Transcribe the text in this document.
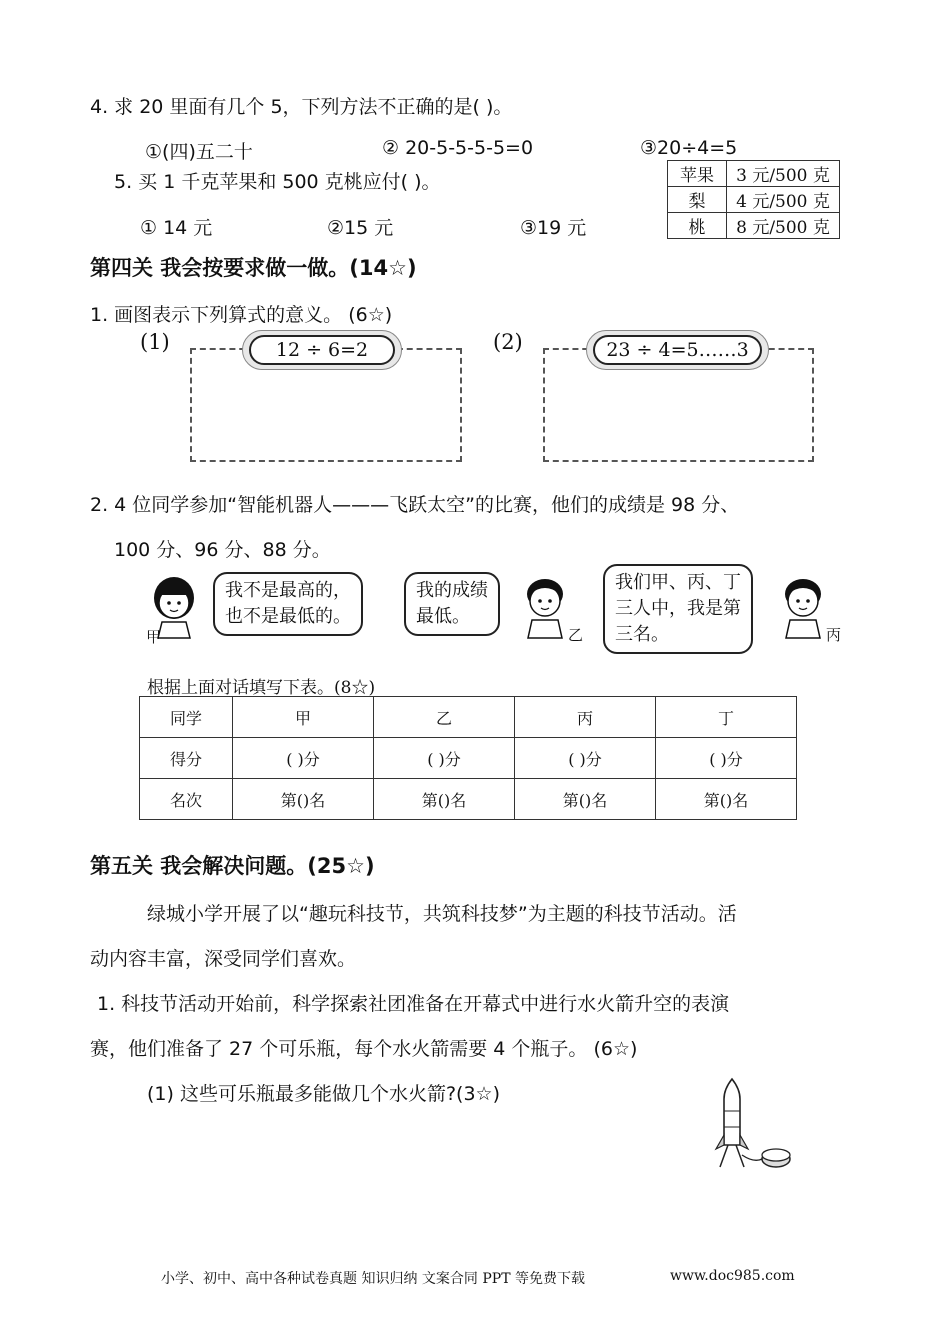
4. 求 20 里面有几个 5，下列方法不正确的是( )。
①(四)五二十	② 20-5-5-5-5=0	③20÷4=5
5. 买 1 千克苹果和 500 克桃应付( )。
① 14 元	②15 元	③19 元
苹果	3 元/500 克
梨	4 元/500 克
桃	8 元/500 克
第四关 我会按要求做一做。(14☆)
1. 画图表示下列算式的意义。 (6☆)
(1)	12 ÷ 6=2	(2)	23 ÷ 4=5……3
2. 4 位同学参加“智能机器人———飞跃太空”的比赛，他们的成绩是 98 分、
100 分、96 分、88 分。
甲
我不是最高的，
也不是最低的。
我的成绩
最低。
乙
我们甲、丙、丁
三人中，我是第
三名。	丙
根据上面对话填写下表。(8☆)
同学	甲	乙	丙	丁
得分	( )分	( )分	( )分	( )分
名次	第()名	第()名	第()名	第()名
第五关 我会解决问题。(25☆)
绿城小学开展了以“趣玩科技节，共筑科技梦”为主题的科技节活动。活
动内容丰富，深受同学们喜欢。
1. 科技节活动开始前，科学探索社团准备在开幕式中进行水火箭升空的表演
赛，他们准备了 27 个可乐瓶，每个水火箭需要 4 个瓶子。 (6☆)
(1) 这些可乐瓶最多能做几个水火箭?(3☆)
小学、初中、高中各种试卷真题 知识归纳 文案合同 PPT 等免费下载	www.doc985.com
